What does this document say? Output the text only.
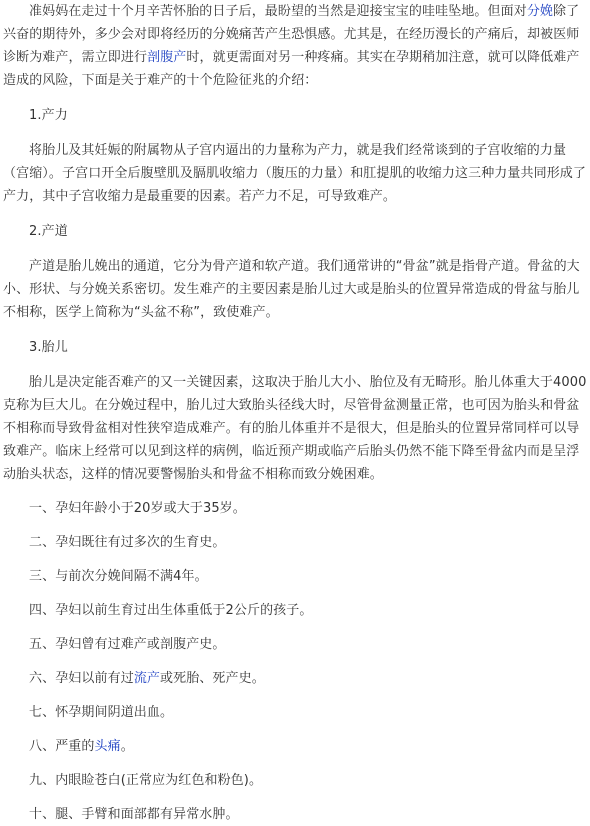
准妈妈在走过十个月辛苦怀胎的日子后，最盼望的当然是迎接宝宝的哇哇坠地。但面对分娩除了兴奋的期待外，多少会对即将经历的分娩痛苦产生恐惧感。尤其是，在经历漫长的产痛后，却被医师诊断为难产，需立即进行剖腹产时，就更需面对另一种疼痛。其实在孕期稍加注意，就可以降低难产造成的风险，下面是关于难产的十个危险征兆的介绍：

1.产力

将胎儿及其妊娠的附属物从子宫内逼出的力量称为产力，就是我们经常谈到的子宫收缩的力量（宫缩）。子宫口开全后腹壁肌及膈肌收缩力（腹压的力量）和肛提肌的收缩力这三种力量共同形成了产力，其中子宫收缩力是最重要的因素。若产力不足，可导致难产。

2.产道

产道是胎儿娩出的通道，它分为骨产道和软产道。我们通常讲的“骨盆”就是指骨产道。骨盆的大小、形状、与分娩关系密切。发生难产的主要因素是胎儿过大或是胎头的位置异常造成的骨盆与胎儿不相称，医学上简称为“头盆不称”，致使难产。

3.胎儿

胎儿是决定能否难产的又一关键因素，这取决于胎儿大小、胎位及有无畸形。胎儿体重大于4000克称为巨大儿。在分娩过程中，胎儿过大致胎头径线大时，尽管骨盆测量正常，也可因为胎头和骨盆不相称而导致骨盆相对性狭窄造成难产。有的胎儿体重并不是很大，但是胎头的位置异常同样可以导致难产。临床上经常可以见到这样的病例，临近预产期或临产后胎头仍然不能下降至骨盆内而是呈浮动胎头状态，这样的情况要警惕胎头和骨盆不相称而致分娩困难。

一、孕妇年龄小于20岁或大于35岁。

二、孕妇既往有过多次的生育史。

三、与前次分娩间隔不满4年。

四、孕妇以前生育过出生体重低于2公斤的孩子。

五、孕妇曾有过难产或剖腹产史。

六、孕妇以前有过流产或死胎、死产史。

七、怀孕期间阴道出血。

八、严重的头痛。

九、内眼睑苍白(正常应为红色和粉色)。

十、腿、手臂和面部都有异常水肿。
